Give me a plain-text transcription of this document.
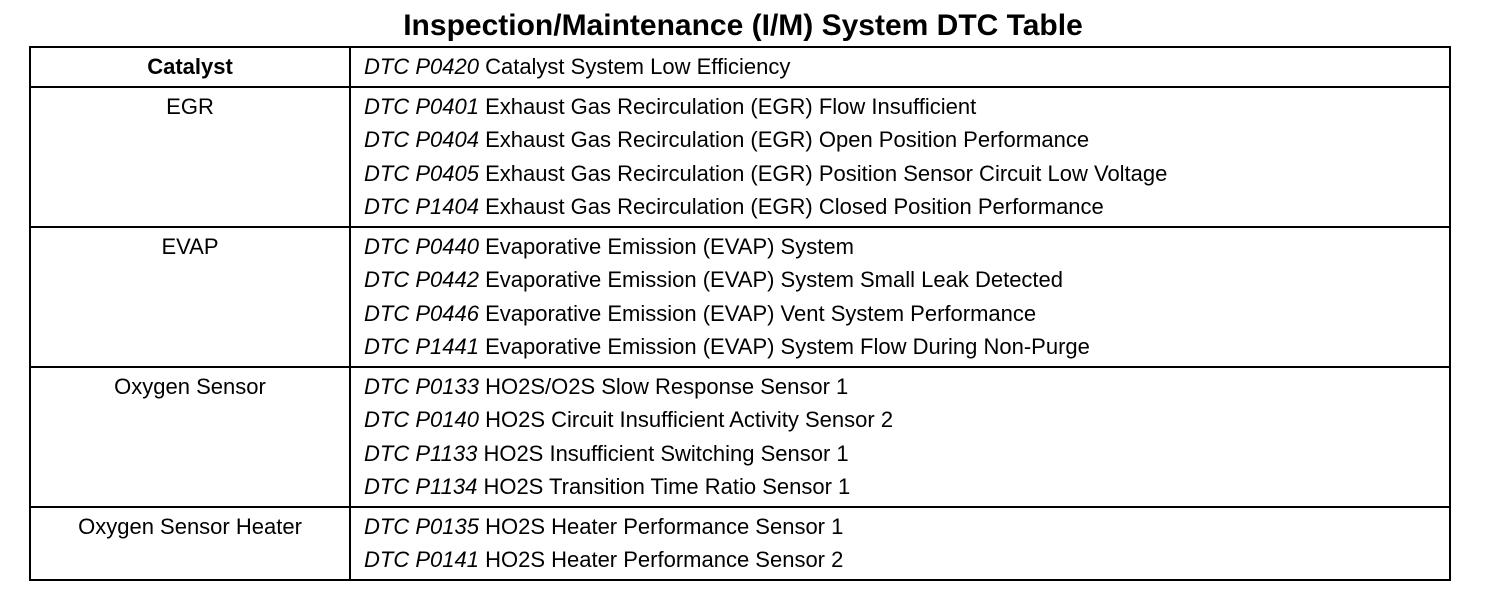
Inspection/Maintenance (I/M) System DTC Table
Catalyst	DTC P0420 Catalyst System Low Efficiency
EGR	DTC P0401 Exhaust Gas Recirculation (EGR) Flow Insufficient
DTC P0404 Exhaust Gas Recirculation (EGR) Open Position Performance
DTC P0405 Exhaust Gas Recirculation (EGR) Position Sensor Circuit Low Voltage
DTC P1404 Exhaust Gas Recirculation (EGR) Closed Position Performance
EVAP	DTC P0440 Evaporative Emission (EVAP) System
DTC P0442 Evaporative Emission (EVAP) System Small Leak Detected
DTC P0446 Evaporative Emission (EVAP) Vent System Performance
DTC P1441 Evaporative Emission (EVAP) System Flow During Non-Purge
Oxygen Sensor	DTC P0133 HO2S/O2S Slow Response Sensor 1
DTC P0140 HO2S Circuit Insufficient Activity Sensor 2
DTC P1133 HO2S Insufficient Switching Sensor 1
DTC P1134 HO2S Transition Time Ratio Sensor 1
Oxygen Sensor Heater	DTC P0135 HO2S Heater Performance Sensor 1
DTC P0141 HO2S Heater Performance Sensor 2
